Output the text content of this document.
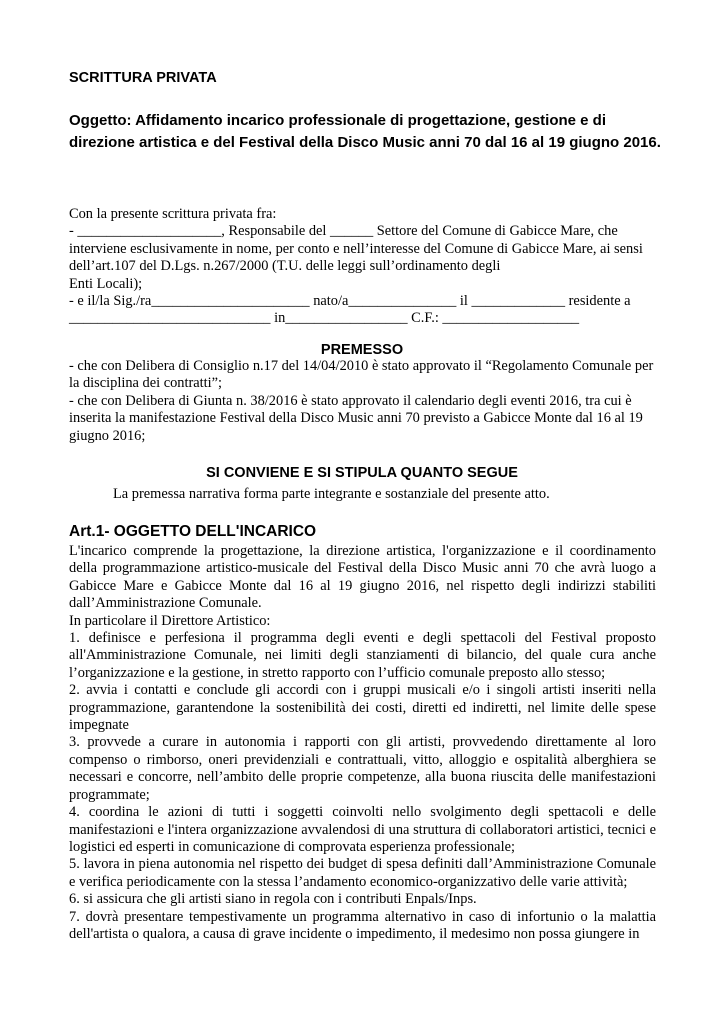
SCRITTURA PRIVATA
Oggetto: Affidamento incarico professionale di progettazione, gestione e di direzione artistica e del Festival della Disco Music anni 70 dal 16 al 19 giugno 2016.

Con la presente scrittura privata fra:

- ____________________, Responsabile del ______ Settore del Comune di Gabicce Mare, che interviene esclusivamente in nome, per conto e nell’interesse del Comune di Gabicce Mare, ai sensi dell’art.107 del D.Lgs. n.267/2000 (T.U. delle leggi sull’ordinamento degli

Enti Locali);

- e il/la Sig./ra______________________ nato/a_______________ il _____________ residente a ____________________________ in_________________ C.F.: ___________________

PREMESSO

- che con Delibera di Consiglio n.17 del 14/04/2010 è stato approvato il “Regolamento Comunale per la disciplina dei contratti”;

- che con Delibera di Giunta n. 38/2016 è stato approvato il calendario degli eventi 2016, tra cui è inserita la manifestazione Festival della Disco Music anni 70 previsto a Gabicce Monte dal 16 al 19 giugno 2016;

SI CONVIENE E SI STIPULA QUANTO SEGUE
La premessa narrativa forma parte integrante e sostanziale del presente atto.
Art.1- OGGETTO DELL'INCARICO

L'incarico comprende la progettazione, la direzione artistica, l'organizzazione e il coordinamento della programmazione artistico-musicale del Festival della Disco Music anni 70 che avrà luogo a Gabicce Mare e Gabicce Monte dal 16 al 19 giugno 2016, nel rispetto degli indirizzi stabiliti dall’Amministrazione Comunale.

In particolare il Direttore Artistico:

1. definisce e perfesiona il programma degli eventi e degli spettacoli del Festival proposto all'Amministrazione Comunale, nei limiti degli stanziamenti di bilancio, del quale cura anche l’organizzazione e la gestione, in stretto rapporto con l’ufficio comunale preposto allo stesso;

2. avvia i contatti e conclude gli accordi con i gruppi musicali e/o i singoli artisti inseriti nella programmazione, garantendone la sostenibilità dei costi, diretti ed indiretti, nel limite delle spese impegnate

3. provvede a curare in autonomia i rapporti con gli artisti, provvedendo direttamente al loro compenso o rimborso, oneri previdenziali e contrattuali, vitto, alloggio e ospitalità alberghiera se necessari e concorre, nell’ambito delle proprie competenze, alla buona riuscita delle manifestazioni programmate;

4. coordina le azioni di tutti i soggetti coinvolti nello svolgimento degli spettacoli e delle manifestazioni e l'intera organizzazione avvalendosi di una struttura di collaboratori artistici, tecnici e logistici ed esperti in comunicazione di comprovata esperienza professionale;

5. lavora in piena autonomia nel rispetto dei budget di spesa definiti dall’Amministrazione Comunale e verifica periodicamente con la stessa l’andamento economico-organizzativo delle varie attività;

6. si assicura che gli artisti siano in regola con i contributi Enpals/Inps.

7. dovrà presentare tempestivamente un programma alternativo in caso di infortunio o la malattia dell'artista o qualora, a causa di grave incidente o impedimento, il medesimo non possa giungere in
